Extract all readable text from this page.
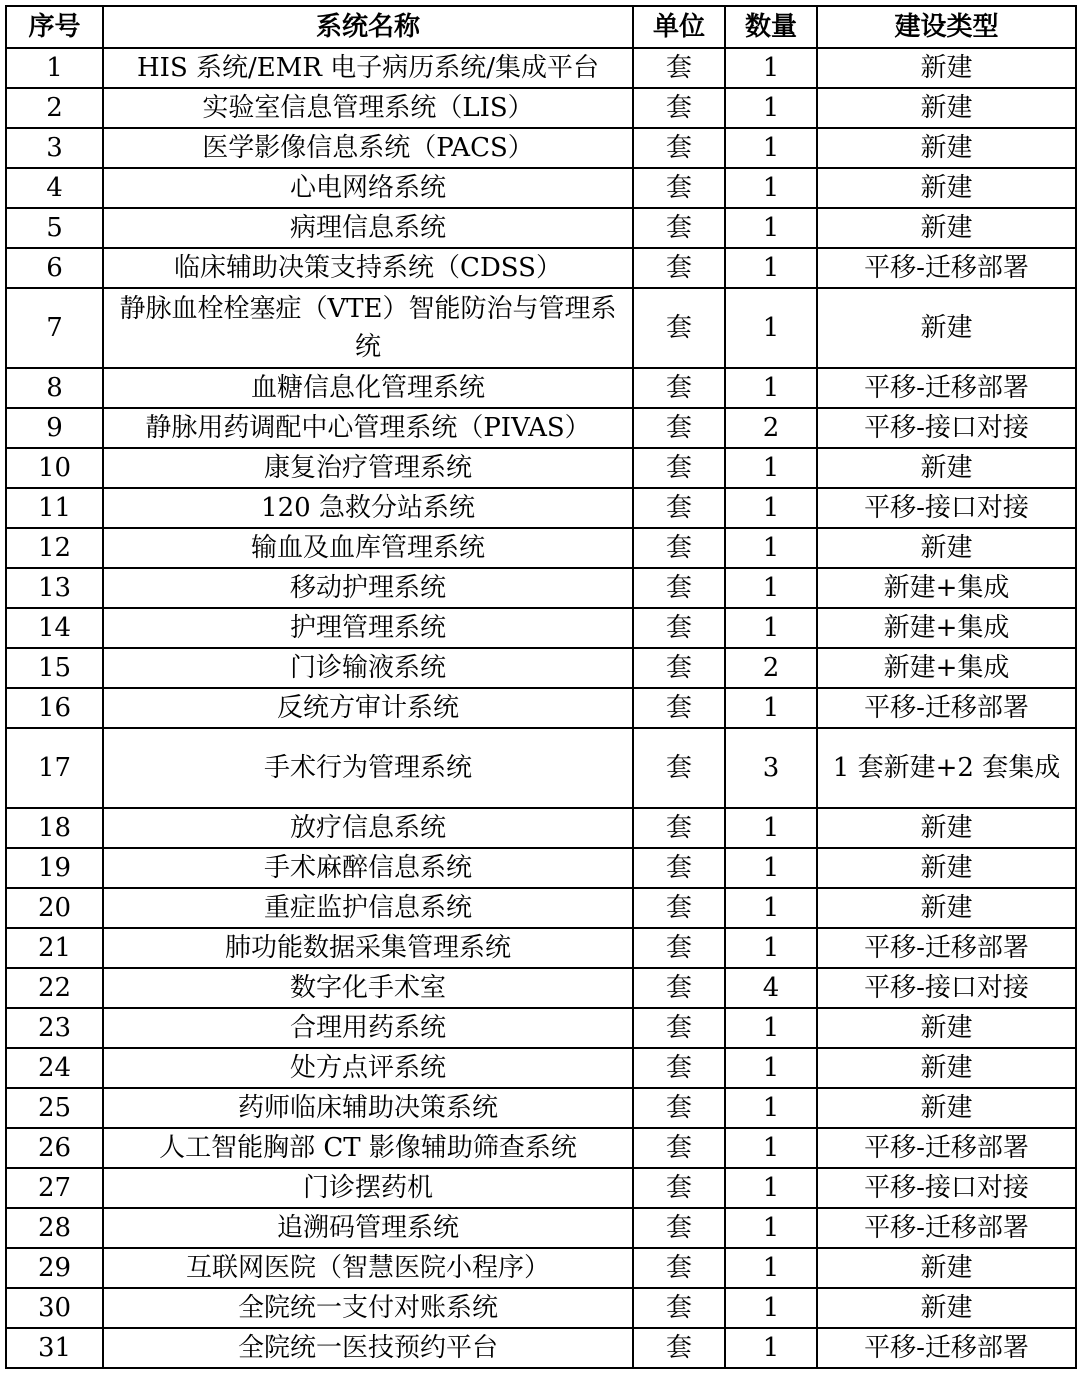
序号	系统名称	单位	数量	建设类型
1	HIS 系统/EMR 电子病历系统/集成平台	套	1	新建
2	实验室信息管理系统（LIS）	套	1	新建
3	医学影像信息系统（PACS）	套	1	新建
4	心电网络系统	套	1	新建
5	病理信息系统	套	1	新建
6	临床辅助决策支持系统（CDSS）	套	1	平移-迁移部署
7	静脉血栓栓塞症（VTE）智能防治与管理系统	套	1	新建
8	血糖信息化管理系统	套	1	平移-迁移部署
9	静脉用药调配中心管理系统（PIVAS）	套	2	平移-接口对接
10	康复治疗管理系统	套	1	新建
11	120 急救分站系统	套	1	平移-接口对接
12	输血及血库管理系统	套	1	新建
13	移动护理系统	套	1	新建+集成
14	护理管理系统	套	1	新建+集成
15	门诊输液系统	套	2	新建+集成
16	反统方审计系统	套	1	平移-迁移部署
17	手术行为管理系统	套	3	1 套新建+2 套集成
18	放疗信息系统	套	1	新建
19	手术麻醉信息系统	套	1	新建
20	重症监护信息系统	套	1	新建
21	肺功能数据采集管理系统	套	1	平移-迁移部署
22	数字化手术室	套	4	平移-接口对接
23	合理用药系统	套	1	新建
24	处方点评系统	套	1	新建
25	药师临床辅助决策系统	套	1	新建
26	人工智能胸部 CT 影像辅助筛查系统	套	1	平移-迁移部署
27	门诊摆药机	套	1	平移-接口对接
28	追溯码管理系统	套	1	平移-迁移部署
29	互联网医院（智慧医院小程序）	套	1	新建
30	全院统一支付对账系统	套	1	新建
31	全院统一医技预约平台	套	1	平移-迁移部署
